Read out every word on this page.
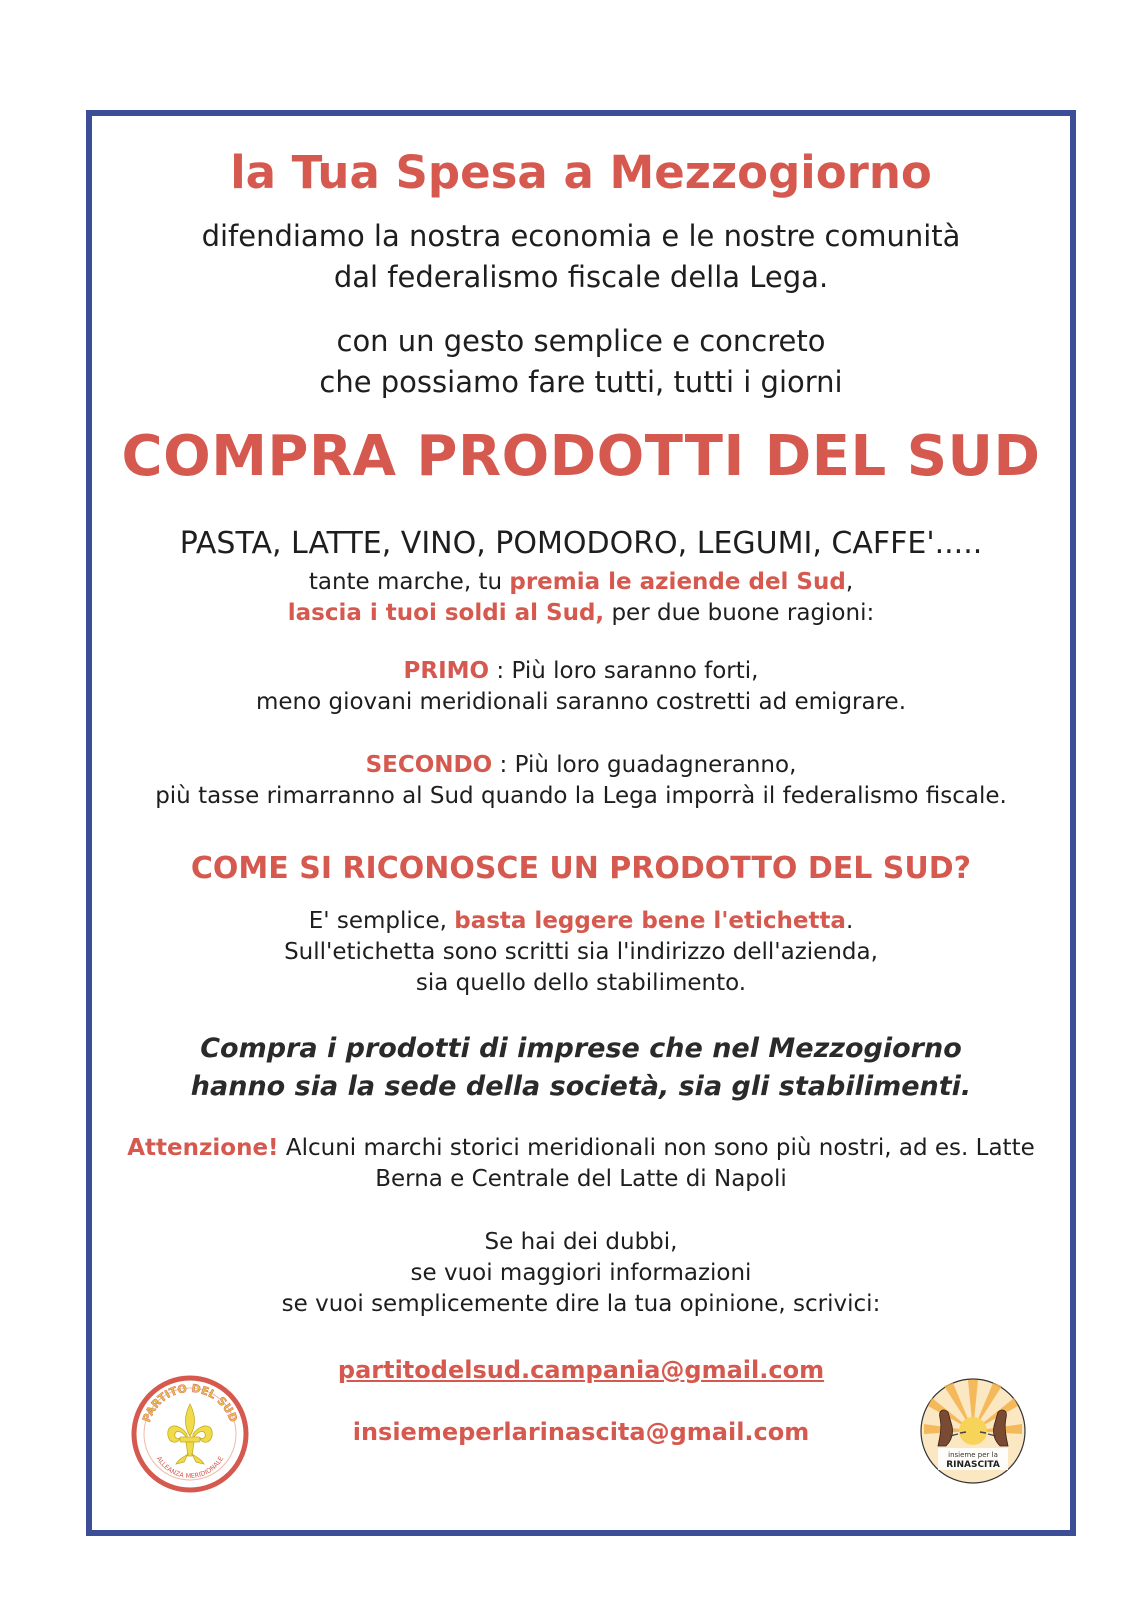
la Tua Spesa a Mezzogiorno
difendiamo la nostra economia e le nostre comunità
dal federalismo fiscale della Lega.
con un gesto semplice e concreto
che possiamo fare tutti, tutti i giorni
COMPRA PRODOTTI DEL SUD
PASTA, LATTE, VINO, POMODORO, LEGUMI, CAFFE'.....
tante marche, tu premia le aziende del Sud,
lascia i tuoi soldi al Sud, per due buone ragioni:
PRIMO : Più loro saranno forti,
meno giovani meridionali saranno costretti ad emigrare.
SECONDO : Più loro guadagneranno,
più tasse rimarranno al Sud quando la Lega imporrà il federalismo fiscale.
COME SI RICONOSCE UN PRODOTTO DEL SUD?
E' semplice, basta leggere bene l'etichetta.
Sull'etichetta sono scritti sia l'indirizzo dell'azienda,
sia quello dello stabilimento.
Compra i prodotti di imprese che nel Mezzogiorno
hanno sia la sede della società, sia gli stabilimenti.
Attenzione! Alcuni marchi storici meridionali non sono più nostri, ad es. Latte
Berna e Centrale del Latte di Napoli
Se hai dei dubbi,
se vuoi maggiori informazioni
se vuoi semplicemente dire la tua opinione, scrivici:
partitodelsud.campania@gmail.com
insiemeperlarinascita@gmail.com
PARTITO DEL SUD
ALLEANZA MERIDIONALE	insieme per la
RINASCITA
